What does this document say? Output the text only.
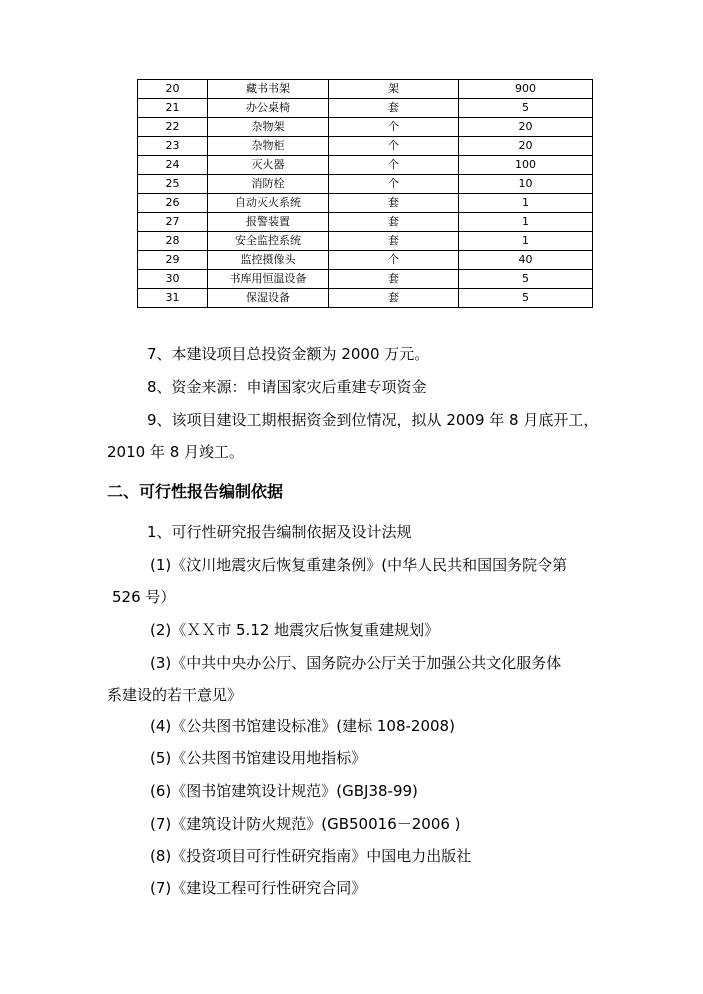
20	藏书书架	架	900
21	办公桌椅	套	5
22	杂物架	个	20
23	杂物柜	个	20
24	灭火器	个	100
25	消防栓	个	10
26	自动灭火系统	套	1
27	报警装置	套	1
28	安全监控系统	套	1
29	监控摄像头	个	40
30	书库用恒温设备	套	5
31	保湿设备	套	5
7、本建设项目总投资金额为 2000 万元。
8、资金来源：申请国家灾后重建专项资金
9、该项目建设工期根据资金到位情况，拟从 2009 年 8 月底开工，
2010 年 8 月竣工。
二、可行性报告编制依据
1、可行性研究报告编制依据及设计法规
(1)《汶川地震灾后恢复重建条例》(中华人民共和国国务院令第
526 号）
(2)《ＸＸ市 5.12 地震灾后恢复重建规划》
(3)《中共中央办公厅、国务院办公厅关于加强公共文化服务体
系建设的若干意见》
(4)《公共图书馆建设标准》(建标 108-2008)
(5)《公共图书馆建设用地指标》
(6)《图书馆建筑设计规范》(GBJ38-99)
(7)《建筑设计防火规范》(GB50016－2006 )
(8)《投资项目可行性研究指南》中国电力出版社
(7)《建设工程可行性研究合同》
